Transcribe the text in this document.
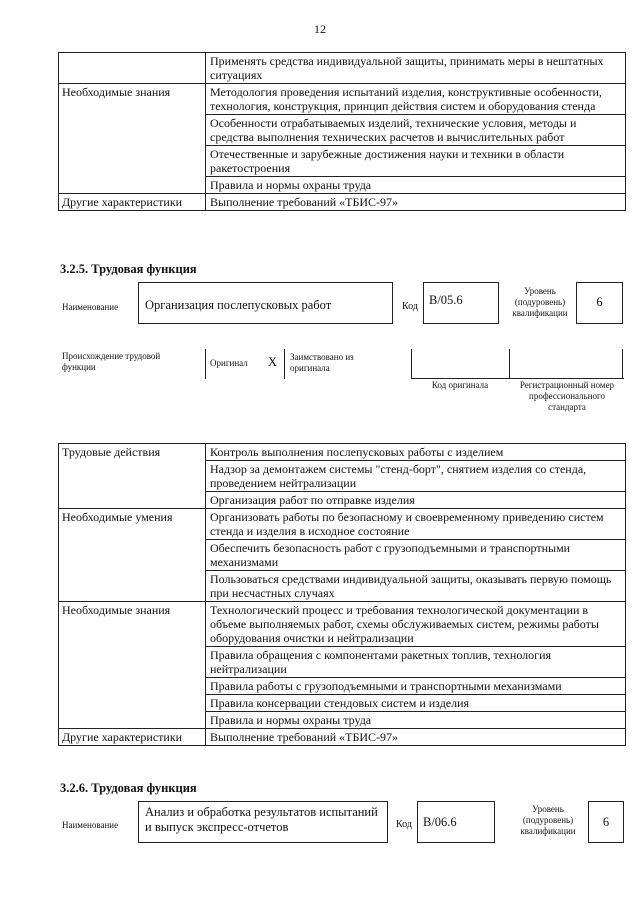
12
	Применять средства индивидуальной защиты, принимать меры в нештатных ситуациях
Необходимые знания	Методология проведения испытаний изделия, конструктивные особенности, технология, конструкция, принцип действия систем и оборудования стенда
	Особенности отрабатываемых изделий, технические условия, методы и средства выполнения технических расчетов и вычислительных работ
	Отечественные и зарубежные достижения науки и техники в области ракетостроения
	Правила и нормы охраны труда
Другие характеристики	Выполнение требований «ТБИС-97»
3.2.5. Трудовая функция
Наименование	Организация послепусковых работ	Код B/05.6
Уровень (подуровень) квалификации
6
Происхождение трудовой функции	Оригинал X Заимствовано из оригинала
Код оригинала	Регистрационный номер профессионального стандарта
Трудовые действия	Контроль выполнения послепусковых работы с изделием
	Надзор за демонтажем системы "стенд-борт", снятием изделия со стенда, проведением нейтрализации
	Организация работ по отправке изделия
Необходимые умения	Организовать работы по безопасному и своевременному приведению систем стенда и изделия в исходное состояние
	Обеспечить безопасность работ с грузоподъемными и транспортными механизмами
	Пользоваться средствами индивидуальной защиты, оказывать первую помощь при несчастных случаях
Необходимые знания	Технологический процесс и требования технологической документации в объеме выполняемых работ, схемы обслуживаемых систем, режимы работы оборудования очистки и нейтрализации
	Правила обращения с компонентами ракетных топлив, технология нейтрализации
	Правила работы с грузоподъемными и транспортными механизмами
	Правила консервации стендовых систем и изделия
	Правила и нормы охраны труда
Другие характеристики	Выполнение требований «ТБИС-97»
3.2.6. Трудовая функция
Наименование
Анализ и обработка результатов испытаний и выпуск экспресс-отчетов	Код B/06.6
Уровень (подуровень) квалификации
6
